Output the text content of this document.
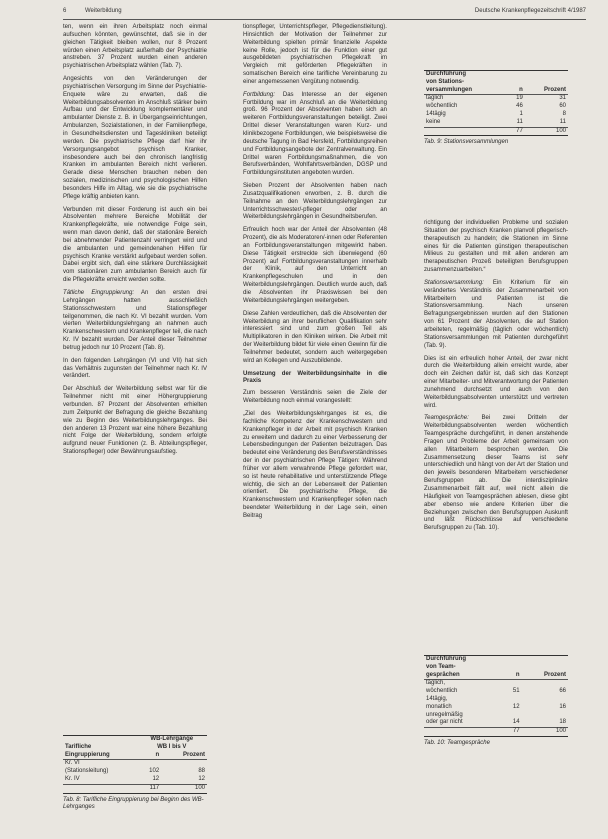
6	Weiterbildung	Deutsche Krankenpflegezeitschrift 4/1987

ten, wenn ein ihren Arbeitsplatz noch einmal aufsuchen könnten, gewünschtet, daß sie in der gleichen Tätigkeit bleiben wollen, nur 8 Prozent würden einen Arbeitsplatz außerhalb der Psychiatrie anstreben. 37 Prozent wurden einen anderen psychiatrischen Arbeitsplatz wählen (Tab. 7).

Angesichts von den Veränderungen der psychiatrischen Versorgung im Sinne der Psychiatrie-Enquete wäre zu erwarten, daß die Weiterbildungsabsolventen im Anschluß stärker beim Aufbau und der Entwicklung komplementärer und ambulanter Dienste z. B. in Übergangseinrichtungen, Ambulanzen, Sozialstationen, in der Familienpflege, in Gesundheitsdiensten und Tageskliniken beteiligt werden. Die psychiatrische Pflege darf hier ihr Versorgungsangebot psychisch Kranker, insbesondere auch bei den chronisch langfristig Kranken im ambulanten Bereich nicht verlieren. Gerade diese Menschen brauchen neben den sozialen, medizinischen und psychologischen Hilfen besonders Hilfe im Alltag, wie sie die psychiatrische Pflege kräftig anbieten kann.

Verbunden mit dieser Forderung ist auch ein bei Absolventen mehrere Bereiche Mobilität der Krankenpflegekräfte, wie notwendige Folge sein, wenn man davon denkt, daß der stationäre Bereich bei abnehmender Patientenzahl verringert wird und die ambulanten und gemeindenahen Hilfen für psychisch Kranke verstärkt aufgebaut werden sollen. Dabei ergibt sich, daß eine stärkere Durchlässigkeit vom stationären zum ambulanten Bereich auch für die Pflegekräfte erreicht werden sollte.

Tätliche Eingruppierung: An den ersten drei Lehrgängen hatten ausschließlich Stationsschwestern und Stationspfleger teilgenommen, die nach Kr. VI bezahlt wurden. Vom vierten Weiterbildungslehrgang an nahmen auch Krankenschwestern und Krankenpfleger teil, die nach Kr. IV bezahlt wurden. Der Anteil dieser Teilnehmer betrug jedoch nur 10 Prozent (Tab. 8).

In den folgenden Lehrgängen (VI und VII) hat sich das Verhältnis zugunsten der Teilnehmer nach Kr. IV verändert.

Der Abschluß der Weiterbildung selbst war für die Teilnehmer nicht mit einer Höhergruppierung verbunden. 87 Prozent der Absolventen erhielten zum Zeitpunkt der Befragung die gleiche Bezahlung wie zu Beginn des Weiterbildungslehrganges. Bei den anderen 13 Prozent war eine höhere Bezahlung nicht Folge der Weiterbildung, sondern erfolgte aufgrund neuer Funktionen (z. B. Abteilungspfleger, Stationspfleger) oder Bewährungsaufstieg.

tionspfleger, Unterrichtspfleger, Pflegedienstleitung). Hinsichtlich der Motivation der Teilnehmer zur Weiterbildung spielten primär finanzielle Aspekte keine Rolle, jedoch ist für die Funktion einer gut ausgebildeten psychiatrischen Pflegekraft im Vergleich mit geförderten Pflegekräften in somatischen Bereich eine tarifliche Vereinbarung zu einer angemessenen Vergütung notwendig.

Fortbildung: Das Interesse an der eigenen Fortbildung war im Anschluß an die Weiterbildung groß. 96 Prozent der Absolventen haben sich an weiteren Fortbildungsveranstaltungen beteiligt. Zwei Drittel dieser Veranstaltungen waren Kurz- und klinikbezogene Fortbildungen, wie beispielsweise die deutsche Tagung in Bad Hersfeld, Fortbildungsreihen und Fortbildungsangebote der Zentralverwaltung. Ein Drittel waren Fortbildungsmaßnahmen, die von Berufsverbänden, Wohlfahrtsverbänden, DGSP und Fortbildungsinstituten angeboten wurden.

Sieben Prozent der Absolventen haben nach Zusatzqualifikationen erworben, z. B. durch die Teilnahme an den Weiterbildungslehrgängen zur Unterrichtsschwester/-pfleger oder an Weiterbildungslehrgängen in Gesundheitsberufen.

Erfreulich hoch war der Anteil der Absolventen (48 Prozent), die als Moderatoren/-innen oder Referenten an Fortbildungsveranstaltungen mitgewirkt haben. Diese Tätigkeit erstreckte sich überwiegend (60 Prozent) auf Fortbildungsveranstaltungen innerhalb der Klinik, auf den Unterricht an Krankenpflegeschulen und in den Weiterbildungslehrgängen. Deutlich wurde auch, daß die Absolventen ihr Praxiswissen bei den Weiterbildungslehrgängen weitergeben.

Diese Zahlen verdeutlichen, daß die Absolventen der Weiterbildung an ihrer beruflichen Qualifikation sehr interessiert sind und zum großen Teil als Multiplikatoren in den Kliniken wirken. Die Arbeit mit der Weiterbildung bildet für viele einen Gewinn für die Teilnehmer bedeutet, sondern auch weitergegeben wird an Kollegen und Auszubildende.

Umsetzung der Weiterbildungsinhalte in die Praxis

Zum besseren Verständnis seien die Ziele der Weiterbildung noch einmal vorangestellt:

„Ziel des Weiterbildungslehrganges ist es, die fachliche Kompetenz der Krankenschwestern und Krankenpfleger in der Arbeit mit psychisch Kranken zu erweitern und dadurch zu einer Verbesserung der Lebensbedingungen der Patienten beizutragen. Das bedeutet eine Veränderung des Berufsverständnisses der in der psychiatrischen Pflege Tätigen: Während früher vor allem verwahrende Pflege gefordert war, so ist heute rehabilitative und unterstützende Pflege wichtig, die sich an der Lebenswelt der Patienten orientiert. Die psychiatrische Pflege, die Krankenschwestern und Krankenpfleger sollen nach beendeter Weiterbildung in der Lage sein, einen Beitrag

richtigung der individuellen Probleme und sozialen Situation der psychisch Kranken planvoll pflegerisch-therapeutisch zu handeln; die Stationen im Sinne eines für die Patienten günstigen therapeutischen Milieus zu gestalten und mit allen anderen am therapeutischen Prozeß beteiligten Berufsgruppen zusammenzuarbeiten.“

Stationsversammlung: Ein Kriterium für ein verändertes Verständnis der Zusammenarbeit von Mitarbeitern und Patienten ist die Stationsversammlung. Nach unseren Befragungsergebnissen wurden auf den Stationen von 61 Prozent der Absolventen, die auf Station arbeiteten, regelmäßig (täglich oder wöchentlich) Stationsversammlungen mit Patienten durchgeführt (Tab. 9).

Dies ist ein erfreulich hoher Anteil, der zwar nicht durch die Weiterbildung allein erreicht wurde, aber doch ein Zeichen dafür ist, daß sich das Konzept einer Mitarbeiter- und Mitverantwortung der Patienten zunehmend durchsetzt und auch von den Weiterbildungsabsolventen unterstützt und vertreten wird.

Teamgespräche: Bei zwei Dritteln der Weiterbildungsabsolventen werden wöchentlich Teamgespräche durchgeführt, in denen anstehende Fragen und Probleme der Arbeit gemeinsam von allen Mitarbeitern besprochen werden. Die Zusammensetzung dieser Teams ist sehr unterschiedlich und hängt von der Art der Station und den jeweils besonderen Mitarbeitern verschiedener Berufsgruppen ab. Die interdisziplinäre Zusammenarbeit fällt auf, weil nicht allein die Häufigkeit von Teamgesprächen ablesen, diese gibt aber ebenso wie andere Kriterien über die Beziehungen zwischen den Berufsgruppen Auskunft und läßt Rückschlüsse auf verschiedene Berufsgruppen zu (Tab. 10).

Durchführung		
von Stations-		
versammlungen	n	Prozent
täglich	19	31
wöchentlich	46	60
14tägig	1	8
keine	11	11
	77	100
Tab. 9: Stationsversammlungen
	WB-Lehrgänge	
Tarifliche	WB I bis V	
Eingruppierung	n	Prozent
Kr. VI		
(Stationsleitung)	102	88
Kr. IV	12	12
	117	100
Tab. 8: Tarifliche Eingruppierung bei Beginn des WB-Lehrganges
Durchführung		
von Team-		
gesprächen	n	Prozent
täglich,		
wöchentlich	51	66
14tägig,		
monatlich	12	16
unregelmäßig		
oder gar nicht	14	18
	77	100
Tab. 10: Teamgespräche
